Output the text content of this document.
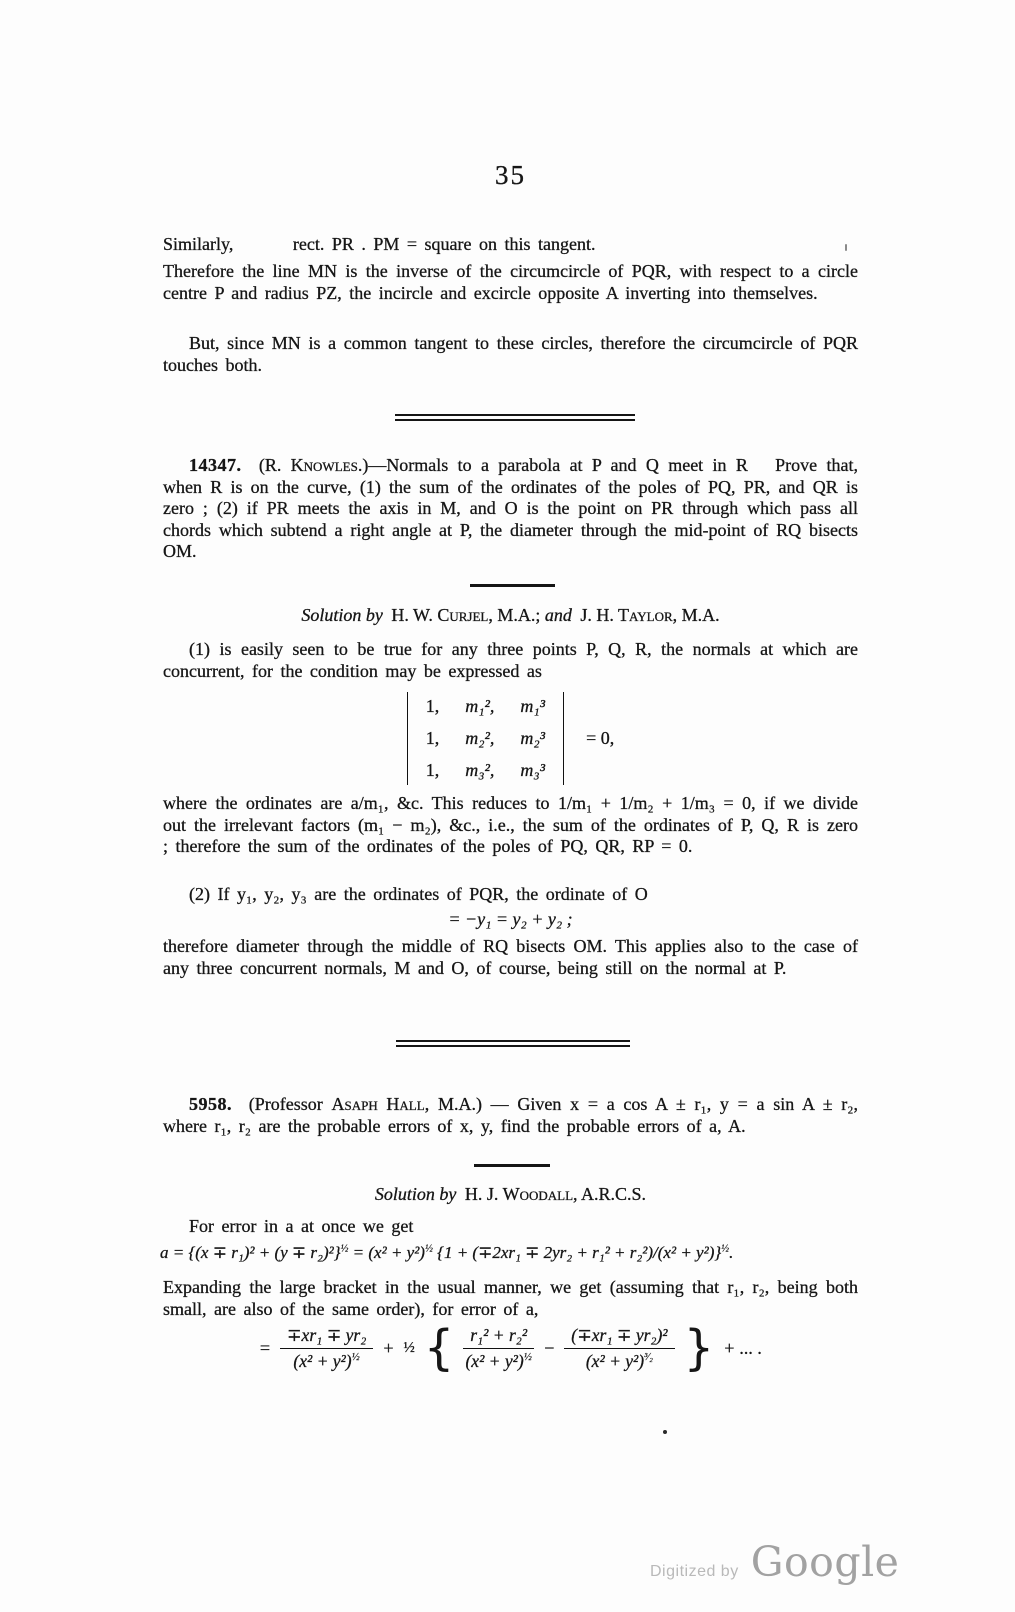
35
Similarly,	rect. PR . PM = square on this tangent.
Therefore the line MN is the inverse of the circumcircle of PQR, with respect to a circle centre P and radius PZ, the incircle and excircle opposite A inverting into themselves.
But, since MN is a common tangent to these circles, therefore the circumcircle of PQR touches both.
14347. (R. Knowles.)—Normals to a parabola at P and Q meet in R  Prove that, when R is on the curve, (1) the sum of the ordinates of the poles of PQ, PR, and QR is zero ; (2) if PR meets the axis in M, and O is the point on PR through which pass all chords which subtend a right angle at P, the diameter through the mid-point of RQ bisects OM.
Solution by H. W. Curjel, M.A.; and J. H. Taylor, M.A.
(1) is easily seen to be true for any three points P, Q, R, the normals at which are concurrent, for the condition may be expressed as
1, m₁², m₁³
1, m₂², m₂³
1, m₃², m₃³
= 0,
where the ordinates are a/m₁, &c. This reduces to 1/m₁ + 1/m₂ + 1/m₃ = 0, if we divide out the irrelevant factors (m₁ − m₂), &c., i.e., the sum of the ordinates of P, Q, R is zero ; therefore the sum of the ordinates of the poles of PQ, QR, RP = 0.
(2) If y₁, y₂, y₃ are the ordinates of PQR, the ordinate of O
= −y₁ = y₂ + y₂ ;
therefore diameter through the middle of RQ bisects OM. This applies also to the case of any three concurrent normals, M and O, of course, being still on the normal at P.
5958. (Professor Asaph Hall, M.A.) — Given x = a cos A ± r₁, y = a sin A ± r₂, where r₁, r₂ are the probable errors of x, y, find the probable errors of a, A.
Solution by H. J. Woodall, A.R.C.S.
For error in a at once we get
$a = \{(x \mp r_1)^2 + (y \mp r_2)^2\}^{\frac{1}{2}} = (x^2 + y^2)^{\frac{1}{2}}$ $\{1 + (\mp 2xr_1 \mp 2yr_2 + r_1^2 + r_2^2)/(x^2 + y^2)\}^{\frac{1}{2}}$.
Expanding the large bracket in the usual manner, we get (assuming that r₁, r₂, being both small, are also of the same order), for error of a,
= $\frac{\text{∓xr₁ ∓ yr₂}}{(x^2 + y^2)^{\frac{1}{2}}}$ + ½ { $\frac{\text{r₁² + r₂²}}{(x^2 + y^2)^{\frac{1}{2}}} - \frac{\text{(∓xr₁ ∓ yr₂)²}}{(x^2 + y^2)^{^3⁄_2}}$ } + ... .
Digitized by Google
